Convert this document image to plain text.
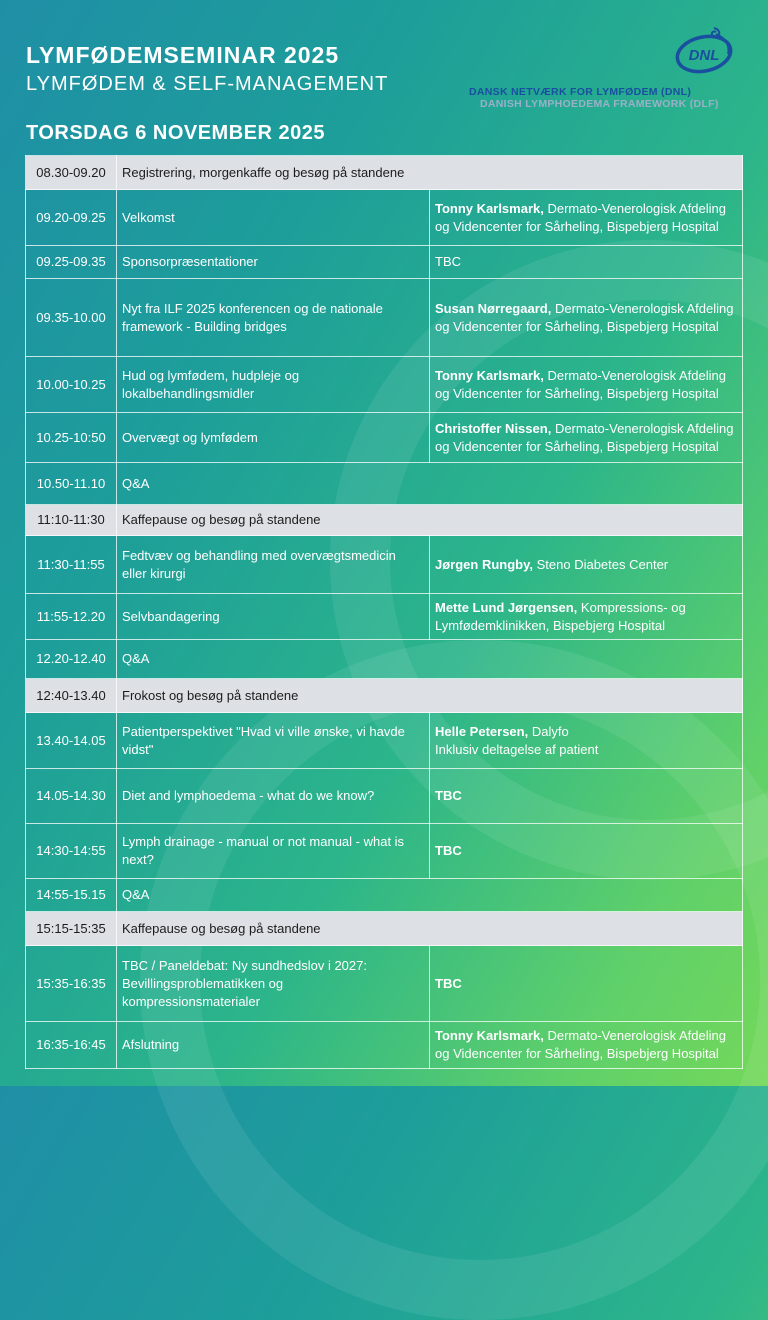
LYMFØDEMSEMINAR 2025
LYMFØDEM & SELF-MANAGEMENT
DNL
DANSK NETVÆRK FOR LYMFØDEM (DNL)
DANISH LYMPHOEDEMA FRAMEWORK (DLF)
TORSDAG 6 NOVEMBER 2025
08.30-09.20	Registrering, morgenkaffe og besøg på standene	
09.20-09.25	Velkomst	Tonny Karlsmark, Dermato-Venerologisk Afdeling og Videncenter for Sårheling, Bispebjerg Hospital
09.25-09.35	Sponsorpræsentationer	TBC
09.35-10.00	Nyt fra ILF 2025 konferencen og de nationale framework - Building bridges	Susan Nørregaard, Dermato-Venerologisk Afdeling og Videncenter for Sårheling, Bispebjerg Hospital
10.00-10.25	Hud og lymfødem, hudpleje og lokalbehandlingsmidler	Tonny Karlsmark, Dermato-Venerologisk Afdeling og Videncenter for Sårheling, Bispebjerg Hospital
10.25-10:50	Overvægt og lymfødem	Christoffer Nissen, Dermato-Venerologisk Afdeling og Videncenter for Sårheling, Bispebjerg Hospital
10.50-11.10	Q&A	
11:10-11:30	Kaffepause og besøg på standene	
11:30-11:55	Fedtvæv og behandling med overvægtsmedicin eller kirurgi	Jørgen Rungby, Steno Diabetes Center
11:55-12.20	Selvbandagering	Mette Lund Jørgensen, Kompressions- og Lymfødemklinikken, Bispebjerg Hospital
12.20-12.40	Q&A	
12:40-13.40	Frokost og besøg på standene	
13.40-14.05	Patientperspektivet "Hvad vi ville ønske, vi havde vidst"	Helle Petersen, Dalyfo
Inklusiv deltagelse af patient
14.05-14.30	Diet and lymphoedema - what do we know?	TBC
14:30-14:55	Lymph drainage - manual or not manual - what is next?	TBC
14:55-15.15	Q&A	
15:15-15:35	Kaffepause og besøg på standene	
15:35-16:35	TBC / Paneldebat: Ny sundhedslov i 2027: Bevillingsproblematikken og kompressionsmaterialer	TBC
16:35-16:45	Afslutning	Tonny Karlsmark, Dermato-Venerologisk Afdeling og Videncenter for Sårheling, Bispebjerg Hospital
